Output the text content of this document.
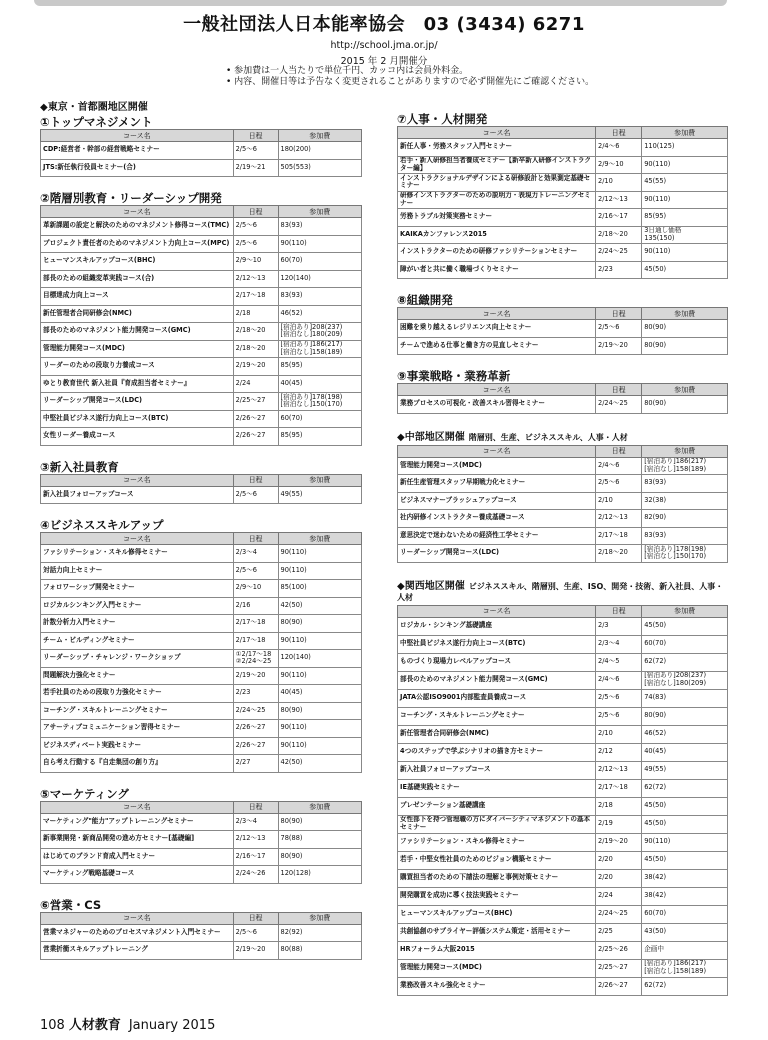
一般社団法人日本能率協会　03 (3434) 6271
http://school.jma.or.jp/
2015 年 2 月開催分
• 参加費は一人当たりで単位千円、カッコ内は会員外料金。
• 内容、開催日等は予告なく変更されることがありますので必ず開催先にご確認ください。
◆東京・首都圏地区開催
①トップマネジメント
コース名	日程	参加費
CDP:経営者・幹部の経営戦略セミナー	2/5〜6	180(200)
JTS:新任執行役員セミナー(合)	2/19〜21	505(553)
②階層別教育・リーダーシップ開発
コース名	日程	参加費
革新課題の設定と解決のためのマネジメント修得コース(TMC)	2/5〜6	83(93)
プロジェクト責任者のためのマネジメント力向上コース(MPC)	2/5〜6	90(110)
ヒューマンスキルアップコース(BHC)	2/9〜10	60(70)
部長のための組織変革実践コース(合)	2/12〜13	120(140)
目標達成力向上コース	2/17〜18	83(93)
新任管理者合同研修会(NMC)	2/18	46(52)
部長のためのマネジメント能力開発コース(GMC)	2/18〜20	[宿泊あり]208(237)
[宿泊なし]180(209)
管理能力開発コース(MDC)	2/18〜20	[宿泊あり]186(217)
[宿泊なし]158(189)
リーダーのための段取り力養成コース	2/19〜20	85(95)
ゆとり教育世代 新入社員『育成担当者セミナー』	2/24	40(45)
リーダーシップ開発コース(LDC)	2/25〜27	[宿泊あり]178(198)
[宿泊なし]150(170)
中堅社員ビジネス遂行力向上コース(BTC)	2/26〜27	60(70)
女性リーダー養成コース	2/26〜27	85(95)
③新入社員教育
コース名	日程	参加費
新入社員フォローアップコース	2/5〜6	49(55)
④ビジネススキルアップ
コース名	日程	参加費
ファシリテーション・スキル修得セミナー	2/3〜4	90(110)
対話力向上セミナー	2/5〜6	90(110)
フォロワーシップ開発セミナー	2/9〜10	85(100)
ロジカルシンキング入門セミナー	2/16	42(50)
計数分析力入門セミナー	2/17〜18	80(90)
チーム・ビルディングセミナー	2/17〜18	90(110)
リーダーシップ・チャレンジ・ワークショップ	①2/17〜18
②2/24〜25	120(140)
問題解決力強化セミナー	2/19〜20	90(110)
若手社員のための段取り力強化セミナー	2/23	40(45)
コーチング・スキルトレーニングセミナー	2/24〜25	80(90)
アサーティブコミュニケーション習得セミナー	2/26〜27	90(110)
ビジネスディベート実践セミナー	2/26〜27	90(110)
自ら考え行動する『自走集団の創り方』	2/27	42(50)
⑤マーケティング
コース名	日程	参加費
マーケティング"能力"アップトレーニングセミナー	2/3〜4	80(90)
新事業開発・新商品開発の進め方セミナー[基礎編]	2/12〜13	78(88)
はじめてのブランド育成入門セミナー	2/16〜17	80(90)
マーケティング戦略基礎コース	2/24〜26	120(128)
⑥営業・CS
コース名	日程	参加費
営業マネジャーのためのプロセスマネジメント入門セミナー	2/5〜6	82(92)
営業折衝スキルアップトレーニング	2/19〜20	80(88)
⑦人事・人材開発
コース名	日程	参加費
新任人事・労務スタッフ入門セミナー	2/4〜6	110(125)
若手・新人研修担当者養成セミナー【新卒新人研修インストラクター編】	2/9〜10	90(110)
インストラクショナルデザインによる研修設計と効果測定基礎セミナー	2/10	45(55)
研修インストラクターのための説明力・表現力トレーニングセミナー	2/12〜13	90(110)
労務トラブル対策実務セミナー	2/16〜17	85(95)
KAIKAカンファレンス2015	2/18〜20	3日通し価格
135(150)
インストラクターのための研修ファシリテーションセミナー	2/24〜25	90(110)
障がい者と共に働く職場づくりセミナー	2/23	45(50)
⑧組織開発
コース名	日程	参加費
困難を乗り越えるレジリエンス向上セミナー	2/5〜6	80(90)
チームで進める仕事と働き方の見直しセミナー	2/19〜20	80(90)
⑨事業戦略・業務革新
コース名	日程	参加費
業務プロセスの可視化・改善スキル習得セミナー	2/24〜25	80(90)
◆中部地区開催 階層別、生産、ビジネススキル、人事・人材
コース名	日程	参加費
管理能力開発コース(MDC)	2/4〜6	[宿泊あり]186(217)
[宿泊なし]158(189)
新任生産管理スタッフ早期戦力化セミナー	2/5〜6	83(93)
ビジネスマナーブラッシュアップコース	2/10	32(38)
社内研修インストラクター養成基礎コース	2/12〜13	82(90)
意思決定で迷わないための経済性工学セミナー	2/17〜18	83(93)
リーダーシップ開発コース(LDC)	2/18〜20	[宿泊あり]178(198)
[宿泊なし]150(170)
◆関西地区開催 ビジネススキル、階層別、生産、ISO、開発・技術、新入社員、人事・人材
コース名	日程	参加費
ロジカル・シンキング基礎講座	2/3	45(50)
中堅社員ビジネス遂行力向上コース(BTC)	2/3〜4	60(70)
ものづくり現場力レベルアップコース	2/4〜5	62(72)
部長のためのマネジメント能力開発コース(GMC)	2/4〜6	[宿泊あり]208(237)
[宿泊なし]180(209)
JATA公認ISO9001内部監査員養成コース	2/5〜6	74(83)
コーチング・スキルトレーニングセミナー	2/5〜6	80(90)
新任管理者合同研修会(NMC)	2/10	46(52)
4つのステップで学ぶシナリオの描き方セミナー	2/12	40(45)
新入社員フォローアップコース	2/12〜13	49(55)
IE基礎実践セミナー	2/17〜18	62(72)
プレゼンテーション基礎講座	2/18	45(50)
女性部下を持つ管理職の方にダイバーシティマネジメントの基本セミナー	2/19	45(50)
ファシリテーション・スキル修得セミナー	2/19〜20	90(110)
若手・中堅女性社員のためのビジョン構築セミナー	2/20	45(50)
購買担当者のための下請法の理解と事例対策セミナー	2/20	38(42)
開発購買を成功に導く技法実践セミナー	2/24	38(42)
ヒューマンスキルアップコース(BHC)	2/24〜25	60(70)
共創協創のサプライヤー評価システム策定・活用セミナー	2/25	43(50)
HRフォーラム大阪2015	2/25〜26	企画中
管理能力開発コース(MDC)	2/25〜27	[宿泊あり]186(217)
[宿泊なし]158(189)
業務改善スキル強化セミナー	2/26〜27	62(72)
108 人材教育 January 2015
